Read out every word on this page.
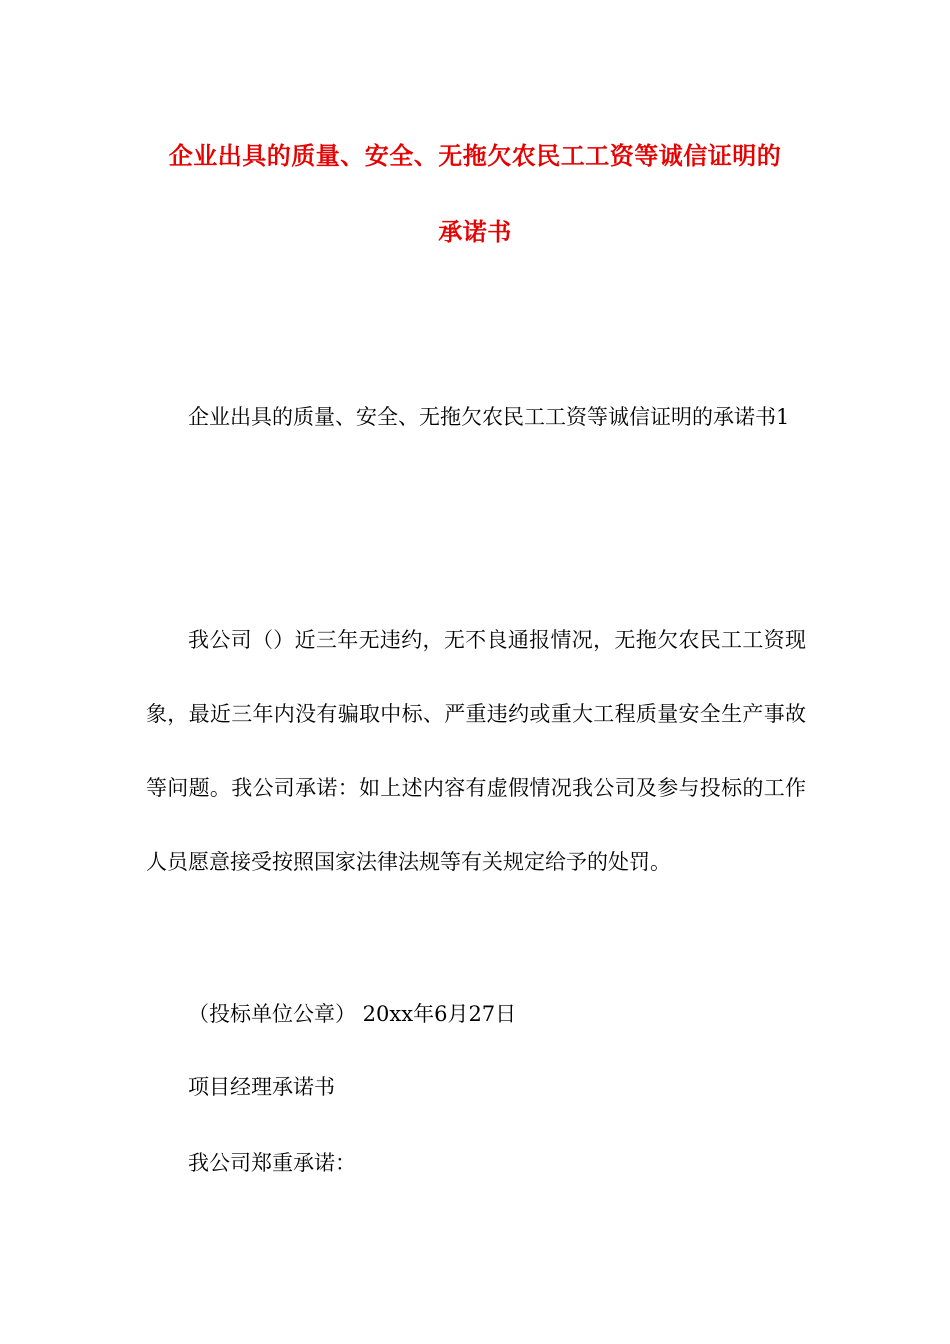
企业出具的质量、安全、无拖欠农民工工资等诚信证明的
承诺书
企业出具的质量、安全、无拖欠农民工工资等诚信证明的承诺书1
我公司（）近三年无违约，无不良通报情况，无拖欠农民工工资现象，最近三年内没有骗取中标、严重违约或重大工程质量安全生产事故等问题。我公司承诺：如上述内容有虚假情况我公司及参与投标的工作人员愿意接受按照国家法律法规等有关规定给予的处罚。
（投标单位公章） 20xx年6月27日
项目经理承诺书
我公司郑重承诺：
